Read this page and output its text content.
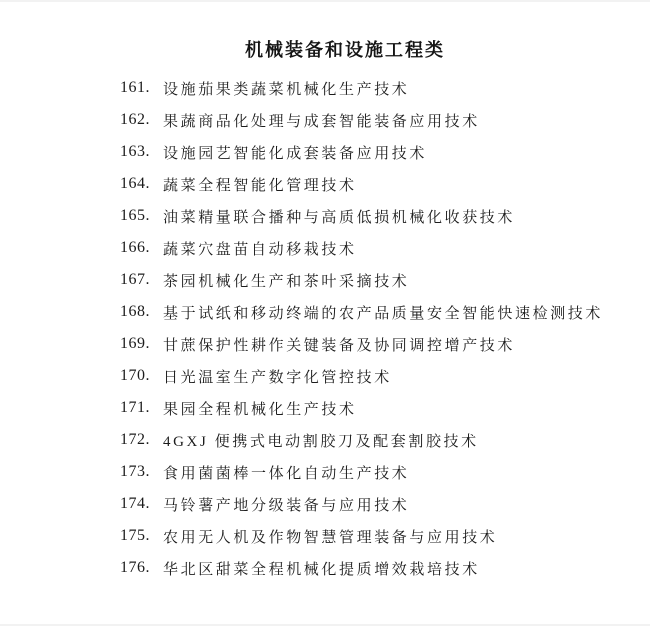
机械装备和设施工程类
161. 设施茄果类蔬菜机械化生产技术
162. 果蔬商品化处理与成套智能装备应用技术
163. 设施园艺智能化成套装备应用技术
164. 蔬菜全程智能化管理技术
165. 油菜精量联合播种与高质低损机械化收获技术
166. 蔬菜穴盘苗自动移栽技术
167. 茶园机械化生产和茶叶采摘技术
168. 基于试纸和移动终端的农产品质量安全智能快速检测技术
169. 甘蔗保护性耕作关键装备及协同调控增产技术
170. 日光温室生产数字化管控技术
171. 果园全程机械化生产技术
172. 4GXJ 便携式电动割胶刀及配套割胶技术
173. 食用菌菌棒一体化自动生产技术
174. 马铃薯产地分级装备与应用技术
175. 农用无人机及作物智慧管理装备与应用技术
176. 华北区甜菜全程机械化提质增效栽培技术
